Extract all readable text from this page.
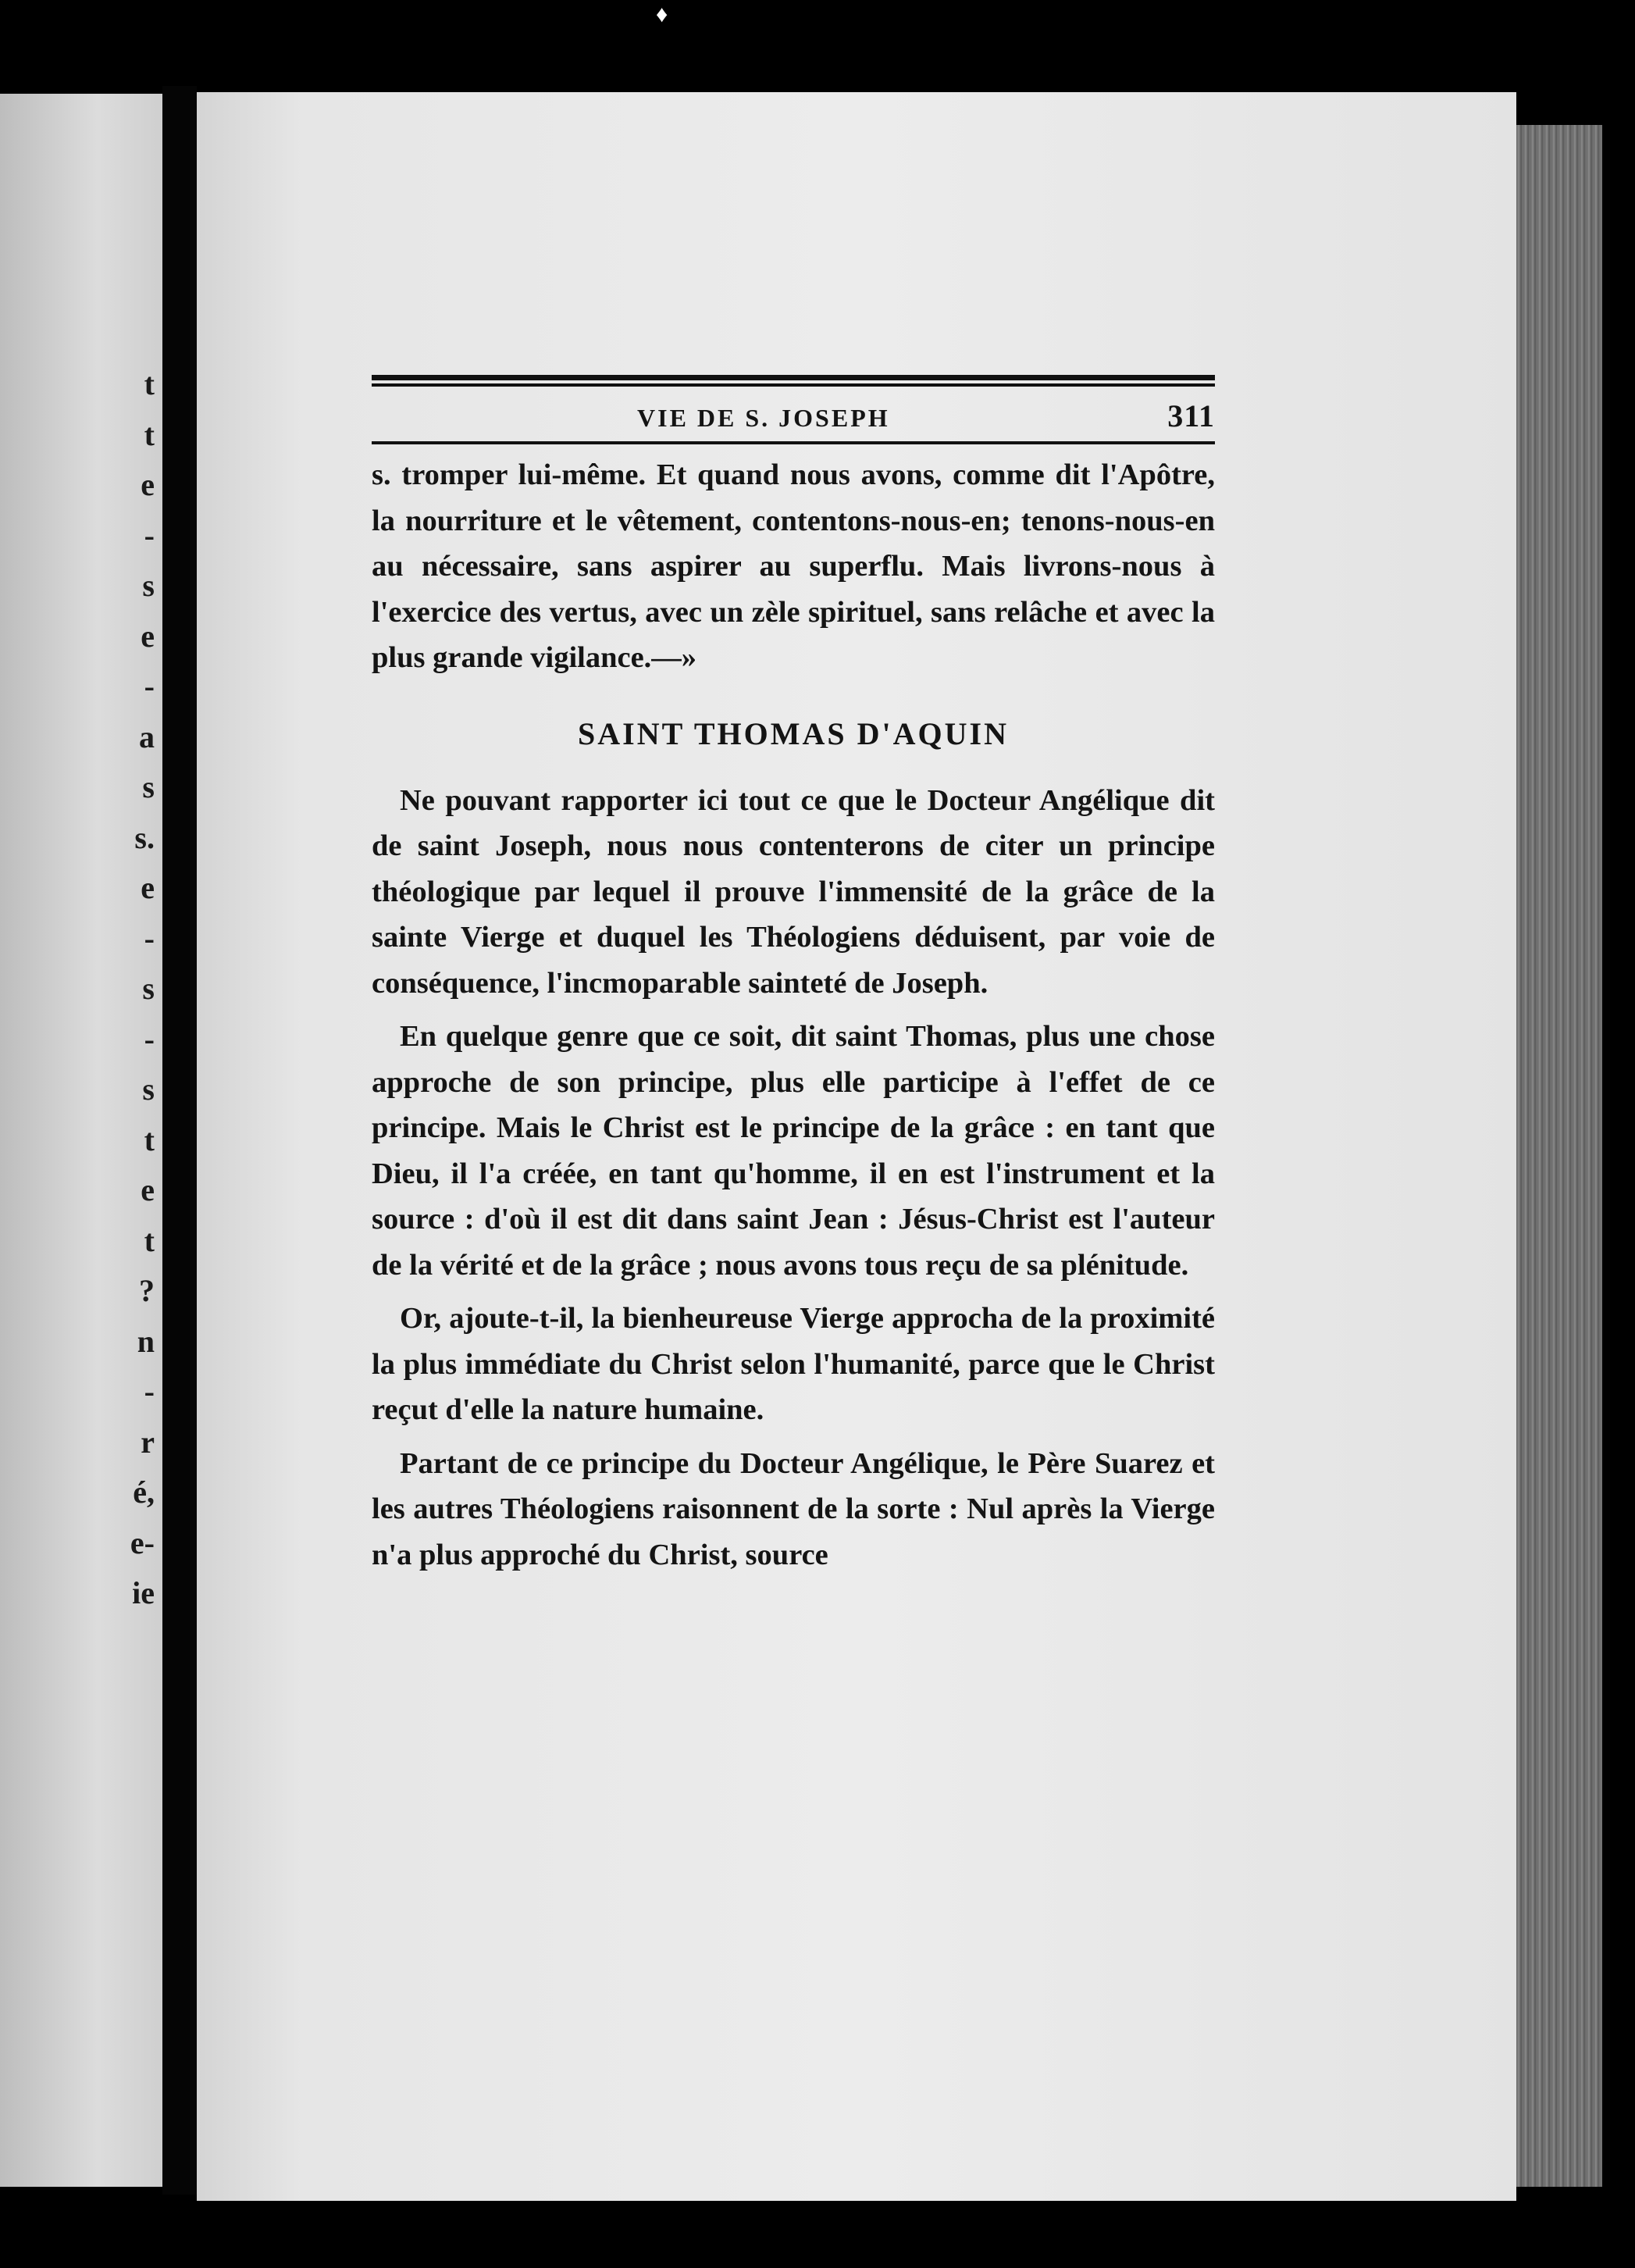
♦
t
t
e
-
s
e
-
a
s
s.
e
-
s
-
s
t
e
t
?
n
-
r
é,
e-
ie
VIE DE S. JOSEPH	311

s. tromper lui-même. Et quand nous avons, comme dit l'Apôtre, la nourriture et le vêtement, contentons-nous-en; tenons-nous-en au nécessaire, sans aspirer au superflu. Mais livrons-nous à l'exercice des vertus, avec un zèle spirituel, sans relâche et avec la plus grande vigilance.—»

SAINT THOMAS D'AQUIN

Ne pouvant rapporter ici tout ce que le Docteur Angélique dit de saint Joseph, nous nous contenterons de citer un principe théologique par lequel il prouve l'immensité de la grâce de la sainte Vierge et duquel les Théologiens déduisent, par voie de conséquence, l'incmoparable sainteté de Joseph.

En quelque genre que ce soit, dit saint Thomas, plus une chose approche de son principe, plus elle participe à l'effet de ce principe. Mais le Christ est le principe de la grâce : en tant que Dieu, il l'a créée, en tant qu'homme, il en est l'instrument et la source : d'où il est dit dans saint Jean : Jésus-Christ est l'auteur de la vérité et de la grâce ; nous avons tous reçu de sa plénitude.

Or, ajoute-t-il, la bienheureuse Vierge approcha de la proximité la plus immédiate du Christ selon l'humanité, parce que le Christ reçut d'elle la nature humaine.

Partant de ce principe du Docteur Angélique, le Père Suarez et les autres Théologiens raisonnent de la sorte : Nul après la Vierge n'a plus approché du Christ, source
